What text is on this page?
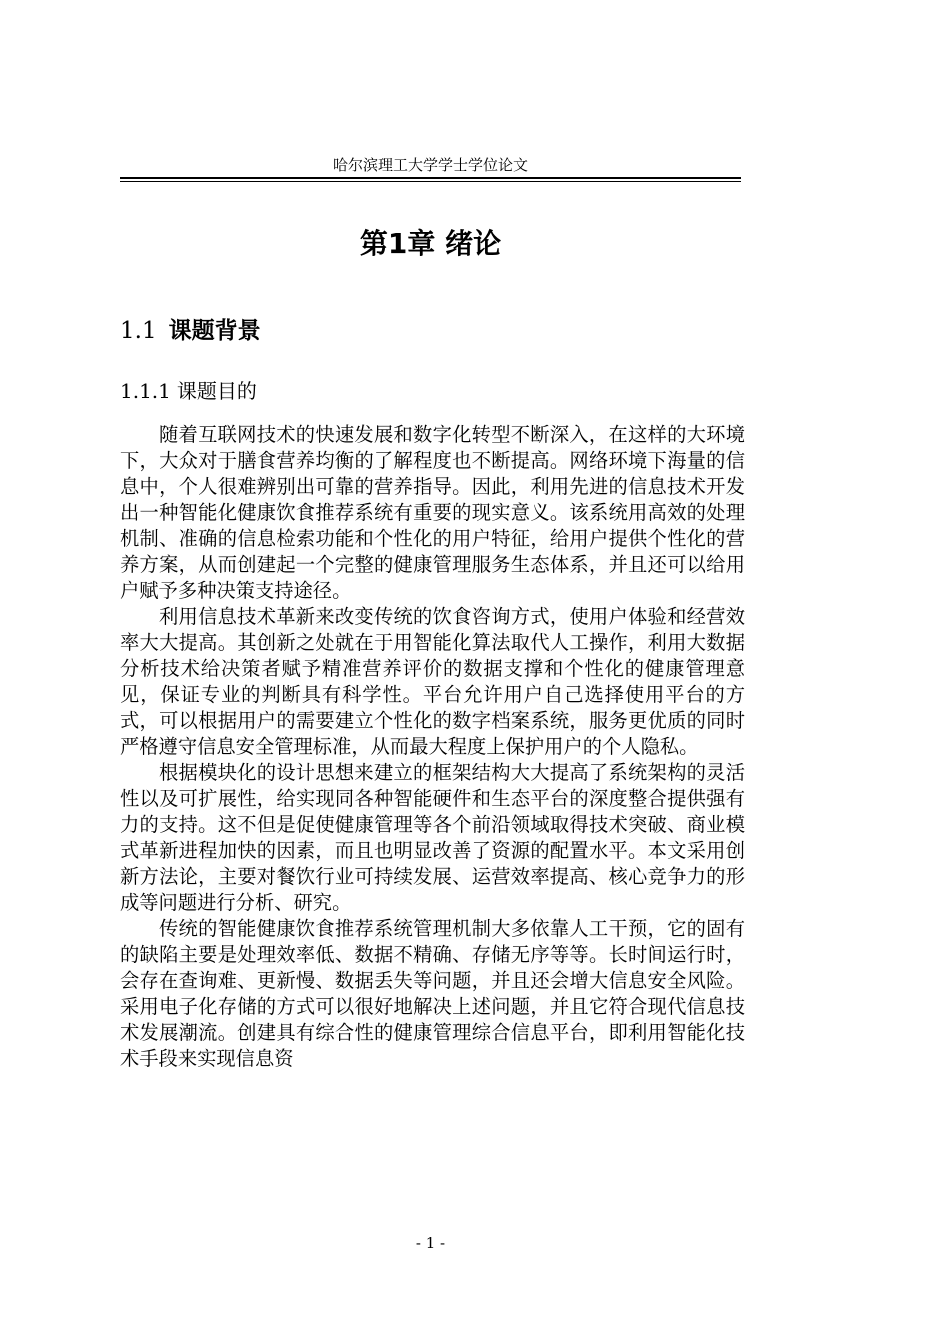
哈尔滨理工大学学士学位论文
第1章 绪论
1.1 课题背景
1.1.1 课题目的

随着互联网技术的快速发展和数字化转型不断深入，在这样的大环境下，大众对于膳食营养均衡的了解程度也不断提高。网络环境下海量的信息中，个人很难辨别出可靠的营养指导。因此，利用先进的信息技术开发出一种智能化健康饮食推荐系统有重要的现实意义。该系统用高效的处理机制、准确的信息检索功能和个性化的用户特征，给用户提供个性化的营养方案，从而创建起一个完整的健康管理服务生态体系，并且还可以给用户赋予多种决策支持途径。

利用信息技术革新来改变传统的饮食咨询方式，使用户体验和经营效率大大提高。其创新之处就在于用智能化算法取代人工操作，利用大数据分析技术给决策者赋予精准营养评价的数据支撑和个性化的健康管理意见，保证专业的判断具有科学性。平台允许用户自己选择使用平台的方式，可以根据用户的需要建立个性化的数字档案系统，服务更优质的同时严格遵守信息安全管理标准，从而最大程度上保护用户的个人隐私。

根据模块化的设计思想来建立的框架结构大大提高了系统架构的灵活性以及可扩展性，给实现同各种智能硬件和生态平台的深度整合提供强有力的支持。这不但是促使健康管理等各个前沿领域取得技术突破、商业模式革新进程加快的因素，而且也明显改善了资源的配置水平。本文采用创新方法论，主要对餐饮行业可持续发展、运营效率提高、核心竞争力的形成等问题进行分析、研究。

传统的智能健康饮食推荐系统管理机制大多依靠人工干预，它的固有的缺陷主要是处理效率低、数据不精确、存储无序等等。长时间运行时，会存在查询难、更新慢、数据丢失等问题，并且还会增大信息安全风险。采用电子化存储的方式可以很好地解决上述问题，并且它符合现代信息技术发展潮流。创建具有综合性的健康管理综合信息平台，即利用智能化技术手段来实现信息资

- 1 -
